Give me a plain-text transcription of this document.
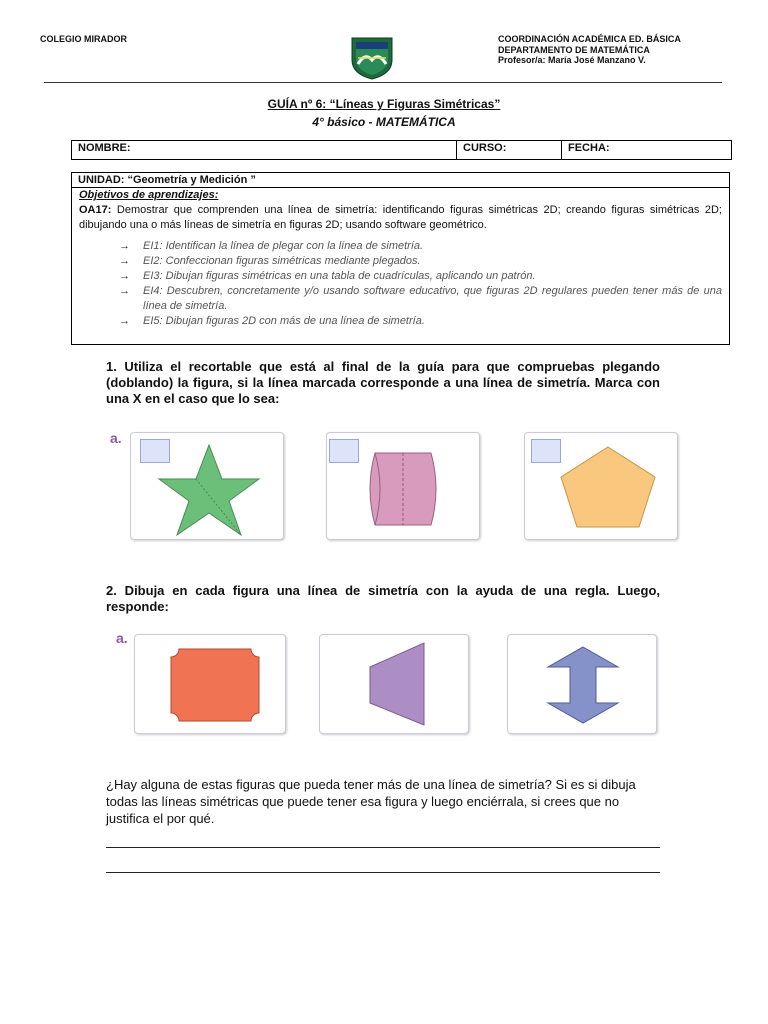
COLEGIO MIRADOR	COORDINACIÓN ACADÉMICA ED. BÁSICA
DEPARTAMENTO DE MATEMÁTICA
Profesor/a: María José Manzano V.
GUÍA nº 6: “Líneas y Figuras Simétricas”
4° básico - MATEMÁTICA
NOMBRE:	CURSO:	FECHA:
UNIDAD: “Geometría y Medición ”
Objetivos de aprendizajes:
OA17: Demostrar que comprenden una línea de simetría: identificando figuras simétricas 2D; creando figuras simétricas 2D; dibujando una o más líneas de simetría en figuras 2D; usando software geométrico.
→ EI1: Identifican la línea de plegar con la línea de simetría.
→ EI2: Confeccionan figuras simétricas mediante plegados.
→ EI3: Dibujan figuras simétricas en una tabla de cuadrículas, aplicando un patrón.
→ EI4: Descubren, concretamente y/o usando software educativo, que figuras 2D regulares pueden tener más de una línea de simetría.
→ EI5: Dibujan figuras 2D con más de una línea de simetría.
1. Utiliza el recortable que está al final de la guía para que compruebas plegando (doblando) la figura, si la línea marcada corresponde a una línea de simetría. Marca con una X en el caso que lo sea:
a.
2. Dibuja en cada figura una línea de simetría con la ayuda de una regla. Luego, responde:
a.
¿Hay alguna de estas figuras que pueda tener más de una línea de simetría? Si es si dibuja todas las líneas simétricas que puede tener esa figura y luego enciérrala, si crees que no justifica el por qué.
